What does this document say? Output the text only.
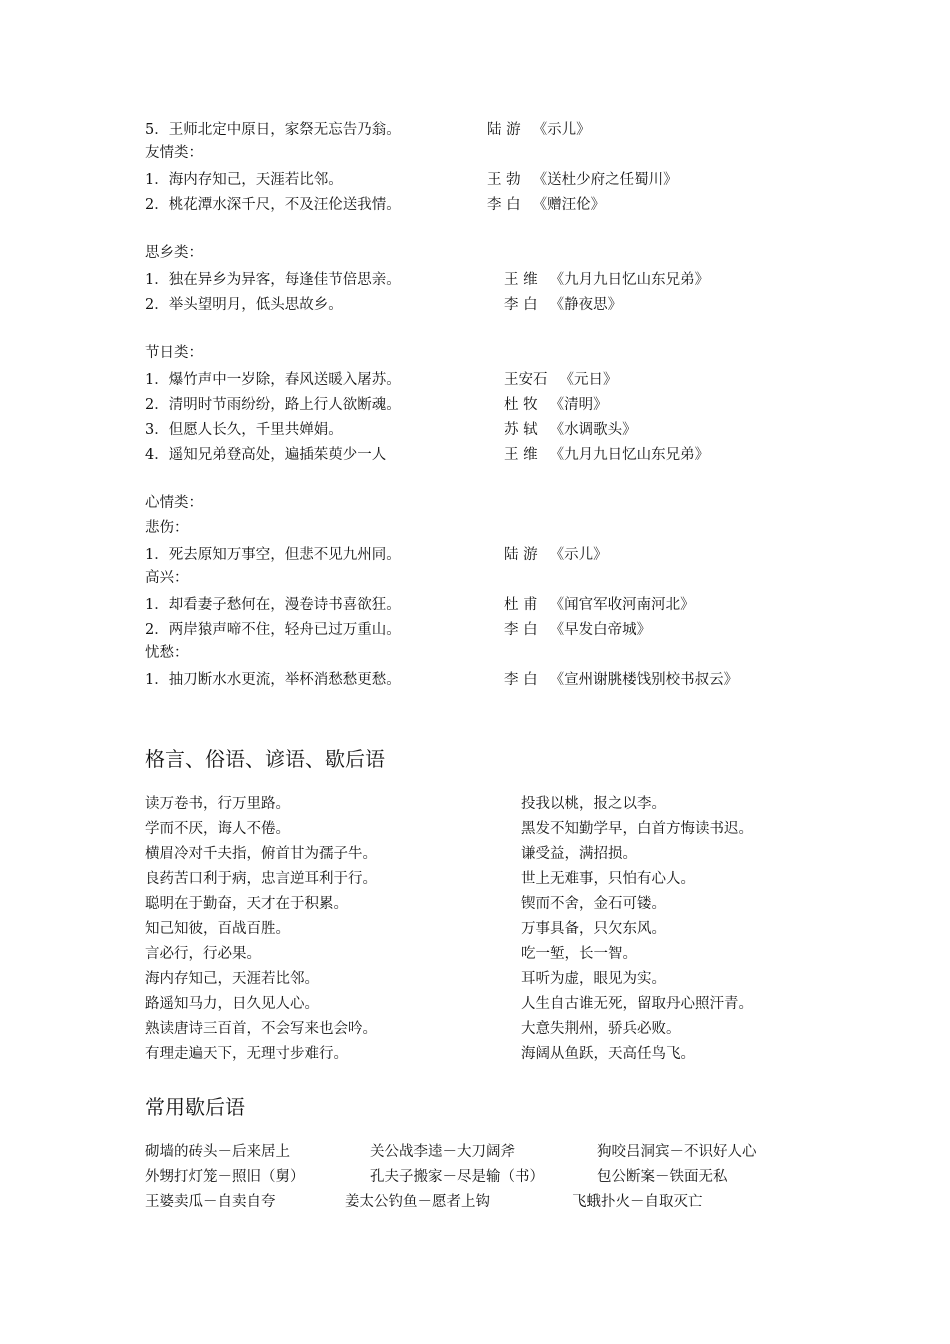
5．王师北定中原日，家祭无忘告乃翁。	陆 游 《示儿》
友情类：
1．海内存知己，天涯若比邻。	王 勃 《送杜少府之任蜀川》
2．桃花潭水深千尺，不及汪伦送我情。	李 白 《赠汪伦》
思乡类：
1．独在异乡为异客，每逢佳节倍思亲。	王 维 《九月九日忆山东兄弟》
2．举头望明月，低头思故乡。	李 白 《静夜思》
节日类：
1．爆竹声中一岁除，春风送暖入屠苏。	王安石 《元日》
2．清明时节雨纷纷，路上行人欲断魂。	杜 牧 《清明》
3．但愿人长久，千里共婵娟。	苏 轼 《水调歌头》
4．遥知兄弟登高处，遍插茱萸少一人	王 维 《九月九日忆山东兄弟》
心情类：
悲伤：
1．死去原知万事空，但悲不见九州同。	陆 游 《示儿》
高兴：
1．却看妻子愁何在，漫卷诗书喜欲狂。	杜 甫 《闻官军收河南河北》
2．两岸猿声啼不住，轻舟已过万重山。	李 白 《早发白帝城》
忧愁：
1．抽刀断水水更流，举杯消愁愁更愁。	李 白 《宣州谢朓楼饯别校书叔云》
格言、俗语、谚语、歇后语
读万卷书，行万里路。	投我以桃，报之以李。
学而不厌，诲人不倦。	黑发不知勤学早，白首方悔读书迟。
横眉冷对千夫指，俯首甘为孺子牛。	谦受益，满招损。
良药苦口利于病，忠言逆耳利于行。	世上无难事，只怕有心人。
聪明在于勤奋，天才在于积累。	锲而不舍，金石可镂。
知己知彼，百战百胜。	万事具备，只欠东风。
言必行，行必果。	吃一堑，长一智。
海内存知己，天涯若比邻。	耳听为虚，眼见为实。
路遥知马力，日久见人心。	人生自古谁无死，留取丹心照汗青。
熟读唐诗三百首，不会写来也会吟。	大意失荆州，骄兵必败。
有理走遍天下，无理寸步难行。	海阔从鱼跃，天高任鸟飞。
常用歇后语
砌墙的砖头－后来居上	关公战李逵－大刀阔斧	狗咬吕洞宾－不识好人心
外甥打灯笼－照旧（舅）	孔夫子搬家－尽是输（书）	包公断案－铁面无私
王婆卖瓜－自卖自夸	姜太公钓鱼－愿者上钩	飞蛾扑火－自取灭亡
